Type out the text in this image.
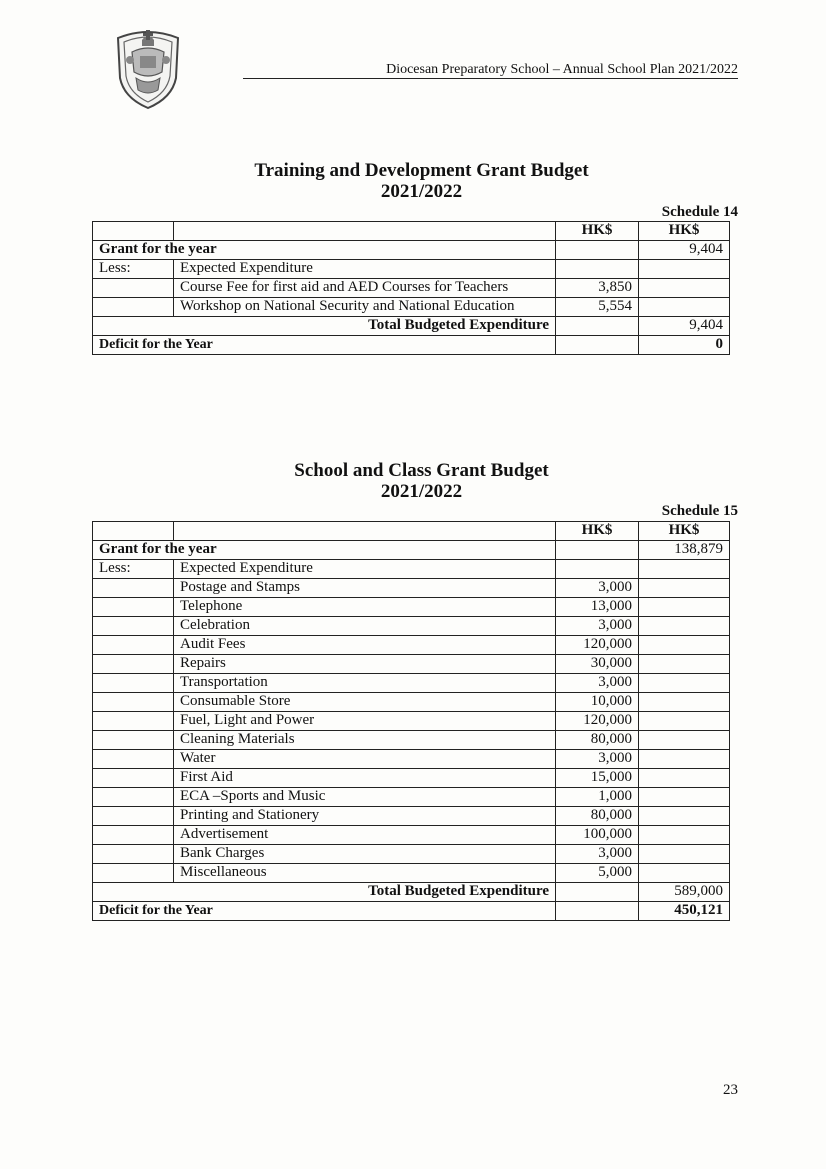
Diocesan Preparatory School – Annual School Plan 2021/2022
Training and Development Grant Budget
2021/2022
Schedule 14
		HK$	HK$
Grant for the year			9,404
Less:	Expected Expenditure		
	Course Fee for first aid and AED Courses for Teachers	3,850	
	Workshop on National Security and National Education	5,554	
Total Budgeted Expenditure			9,404
Deficit for the Year			0
School and Class Grant Budget
2021/2022
Schedule 15
		HK$	HK$
Grant for the year			138,879
Less:	Expected Expenditure		
	Postage and Stamps	3,000	
	Telephone	13,000	
	Celebration	3,000	
	Audit Fees	120,000	
	Repairs	30,000	
	Transportation	3,000	
	Consumable Store	10,000	
	Fuel, Light and Power	120,000	
	Cleaning Materials	80,000	
	Water	3,000	
	First Aid	15,000	
	ECA –Sports and Music	1,000	
	Printing and Stationery	80,000	
	Advertisement	100,000	
	Bank Charges	3,000	
	Miscellaneous	5,000	
Total Budgeted Expenditure			589,000
Deficit for the Year			450,121
23
